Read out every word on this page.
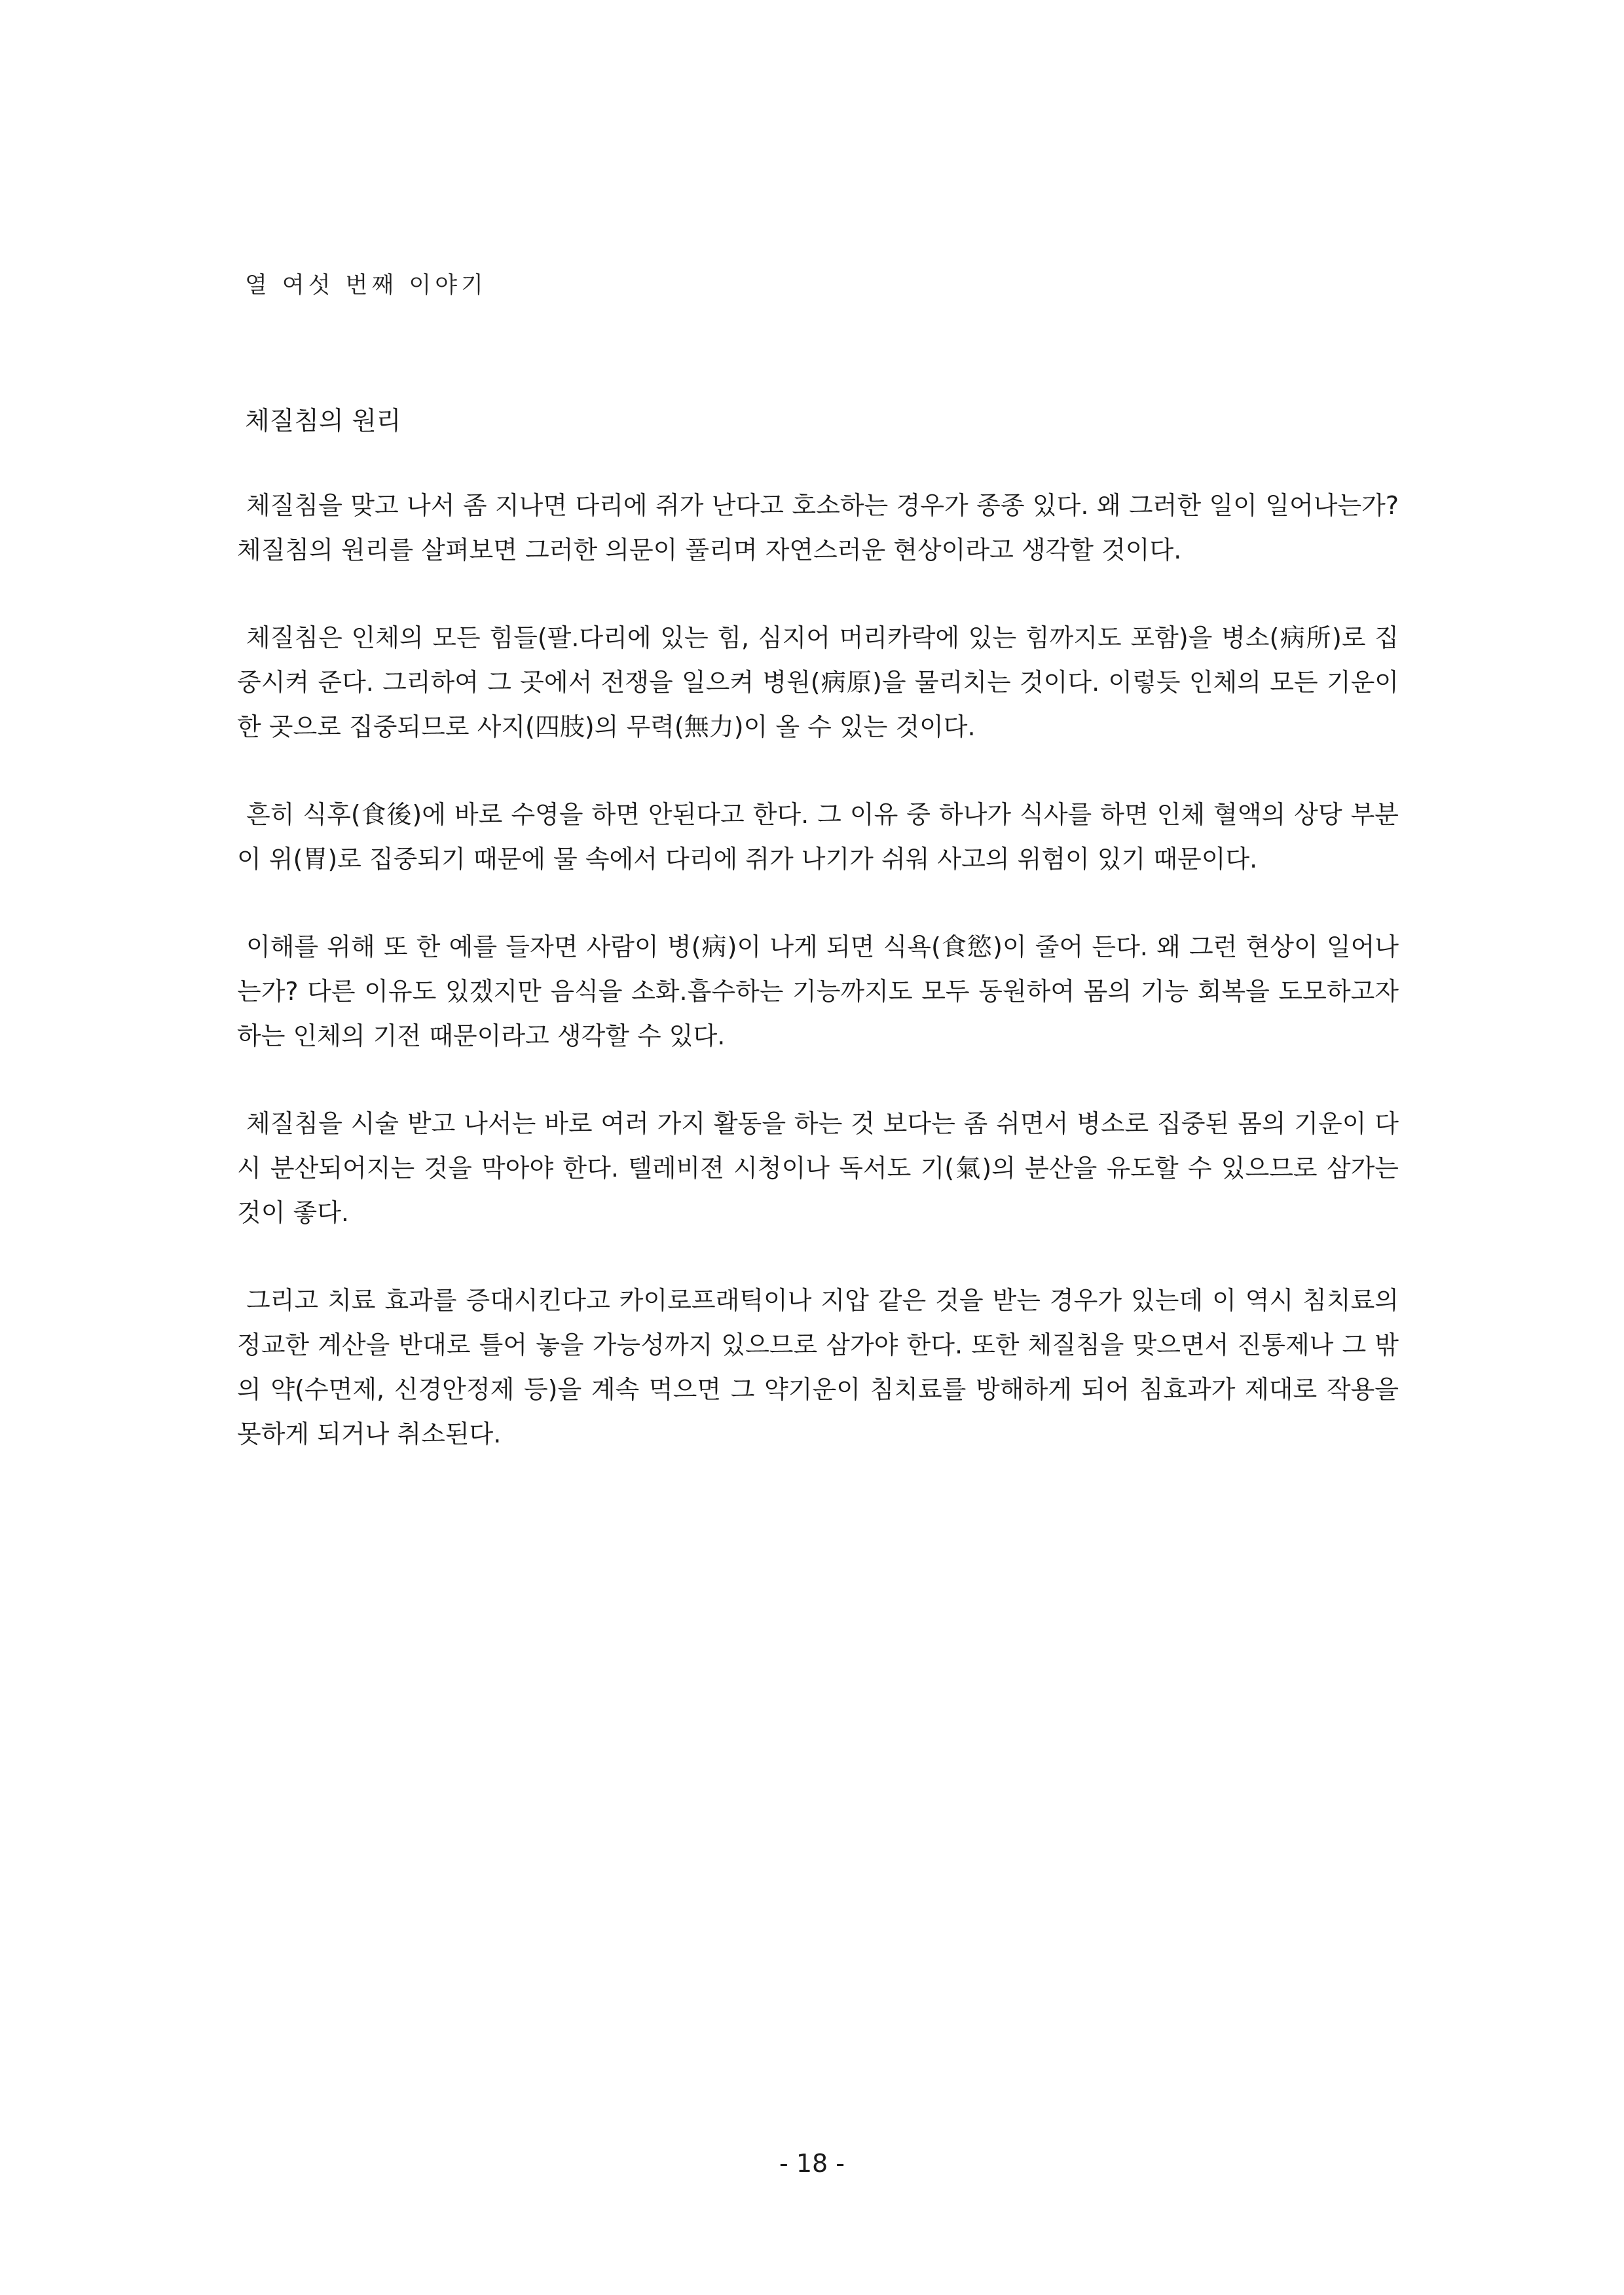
열 여섯 번째 이야기
체질침의 원리

체질침을 맞고 나서 좀 지나면 다리에 쥐가 난다고 호소하는 경우가 종종 있다. 왜 그러한 일이 일어나는가? 체질침의 원리를 살펴보면 그러한 의문이 풀리며 자연스러운 현상이라고 생각할 것이다.

체질침은 인체의 모든 힘들(팔.다리에 있는 힘, 심지어 머리카락에 있는 힘까지도 포함)을 병소(病所)로 집중시켜 준다. 그리하여 그 곳에서 전쟁을 일으켜 병원(病原)을 물리치는 것이다. 이렇듯 인체의 모든 기운이 한 곳으로 집중되므로 사지(四肢)의 무력(無力)이 올 수 있는 것이다.

흔히 식후(食後)에 바로 수영을 하면 안된다고 한다. 그 이유 중 하나가 식사를 하면 인체 혈액의 상당 부분이 위(胃)로 집중되기 때문에 물 속에서 다리에 쥐가 나기가 쉬워 사고의 위험이 있기 때문이다.

이해를 위해 또 한 예를 들자면 사람이 병(病)이 나게 되면 식욕(食慾)이 줄어 든다. 왜 그런 현상이 일어나는가? 다른 이유도 있겠지만 음식을 소화.흡수하는 기능까지도 모두 동원하여 몸의 기능 회복을 도모하고자 하는 인체의 기전 때문이라고 생각할 수 있다.

체질침을 시술 받고 나서는 바로 여러 가지 활동을 하는 것 보다는 좀 쉬면서 병소로 집중된 몸의 기운이 다시 분산되어지는 것을 막아야 한다. 텔레비젼 시청이나 독서도 기(氣)의 분산을 유도할 수 있으므로 삼가는 것이 좋다.

그리고 치료 효과를 증대시킨다고 카이로프래틱이나 지압 같은 것을 받는 경우가 있는데 이 역시 침치료의 정교한 계산을 반대로 틀어 놓을 가능성까지 있으므로 삼가야 한다. 또한 체질침을 맞으면서 진통제나 그 밖의 약(수면제, 신경안정제 등)을 계속 먹으면 그 약기운이 침치료를 방해하게 되어 침효과가 제대로 작용을 못하게 되거나 취소된다.

- 18 -
